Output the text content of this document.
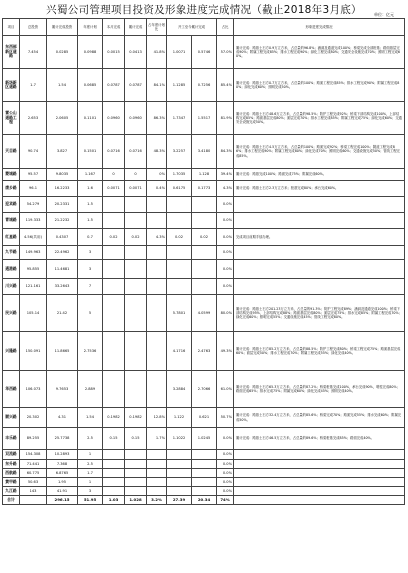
兴蜀公司管理项目投资及形象进度完成情况（截止2018年3月底）	单位：亿元
项目	总投资	累计完成投资	年度计划	本月完成	累计完成	占年度计划比	开工至今累计完成		占比	形象进度完成情况
东西部新区道路	7.454	0.0285	0.0988	0.0015	0.0413	41.8%	1.0071	0.5746	57.0%	累计完成：路基土石方0.9万立方米，占总量的96.8%；涵洞及通道完成100%；桥梁完成全部桩基；路面基层完成90%；附属工程完成85%；排水工程完成90%；绿化工程完成80%；交通安全设施完成70%；照明工程完成60%。
新场新区道路	1.7	1.54	0.0685	0.0787	0.0787	84.1%	1.1285	0.7256	85.4%	累计完成：路基土石方0.7万立方米，占总量的100%；路面工程完成85%；排水工程完成90%；附属工程完成80%；绿化完成60%；照明完成50%。
雷公山道路工程	2.653	2.0605	0.1101	0.0960	0.0960	86.3%	1.7347	1.5517	81.9%	累计完成：路基土石方48.6万立方米，占总量的98.5%；防护工程完成92%；桥梁下部结构完成100%，上部结构完成85%；路面基层完成80%；面层完成70%；排水工程完成85%；附属工程完成75%；绿化完成60%；交通安全设施完成50%。
天目路	90.74	3.827	0.1501	0.0716	0.0716	48.3%	3.2257	3.4180	84.3%	累计完成：路基土石方4.5万立方米，占总量的100%；路面完成92%；桥梁工程完成100%；隧道工程完成86%；排水工程完成90%；附属工程完成80%；绿化完成70%；照明完成60%；交通设施完成50%；管线工程完成85%。
蒙城路	95.57	9.8035	1.167	0	0	0%	1.7035	1.128	39.4%	累计完成：路基完成100%；路面完成75%；附属完成60%。
康乡路	96.1	16.2233	1.6	0.0071	0.0071	0.4%	0.6175	0.1773	4.3%	累计完成：路基土石方2.3万立方米；桩基完成80%；承台完成60%。
迎宾路	54.279	20.2331	1.5						0.0%	
青城路	119.333	21.2232	1.5						0.0%	
红星路	4.56(共用)	0.4307	0.7	0.02	0.02	4.3%	0.02	0.02	0.0%	完成项目前期手续办理。
九节路	149.963	22.4962	3						0.0%	
通港路	95.855	11.4681	3						0.0%	
川兴路	121.161	33.2643	7						0.0%	
民兴路	105.14	21.42	5				5.7801	4.0599	80.0%	累计完成：路基土石方201.23万立方米，占总量的91.3%；防护工程完成89%；涵洞及通道完成100%；桥梁下部结构完成95%，上部结构完成88%；路面基层完成80%；面层完成75%；排水完成85%；附属工程完成70%；绿化完成60%；照明完成55%；交通设施完成45%；管线工程完成80%。
兴隆路	150.091	11.8665	2.7536				4.1716	2.4763	49.3%	累计完成：路基土石方85.2万立方米，占总量的88.5%；防护工程完成80%；桥梁工程完成75%；路面基层完成60%；面层完成50%；排水工程完成70%；附属工程完成55%；绿化完成40%。
华西路	106.073	9.7653	2.889				3.2884	2.7066	61.0%	累计完成：路基土石方65.3万立方米，占总量的87.2%；桥梁桩基完成100%，承台完成90%，墩柱完成80%；路面完成65%；排水完成75%；附属完成60%；绿化完成45%；照明完成40%。
顺兴路	20.302	4.31	1.54	0.1982	0.1982	12.8%	1.122	0.621	50.7%	累计完成：路基土石方32.4万立方米，占总量的85.6%；桥梁完成70%；路面完成55%；排水完成60%；附属完成50%。
丰乐路	89.255	25.7738	2.5	0.15	0.15	1.7%	1.1022	1.0245	0.0%	累计完成：路基土石方46.5万立方米，占总量的89.6%；桥梁桩基完成85%；路面完成40%。
双流路	154.308	10.2893	1						0.0%	
东升路	71.441	7.368	2.5						0.0%	
西航路	60.775	6.8765	1.7						0.0%	
黄甲路	50.63	1.95	1						0.0%	
九江路	143	41.91	3						0.0%	
合计		296.15	51.95	1.03	1.028	3.2%	27.39	20.34	74%	
